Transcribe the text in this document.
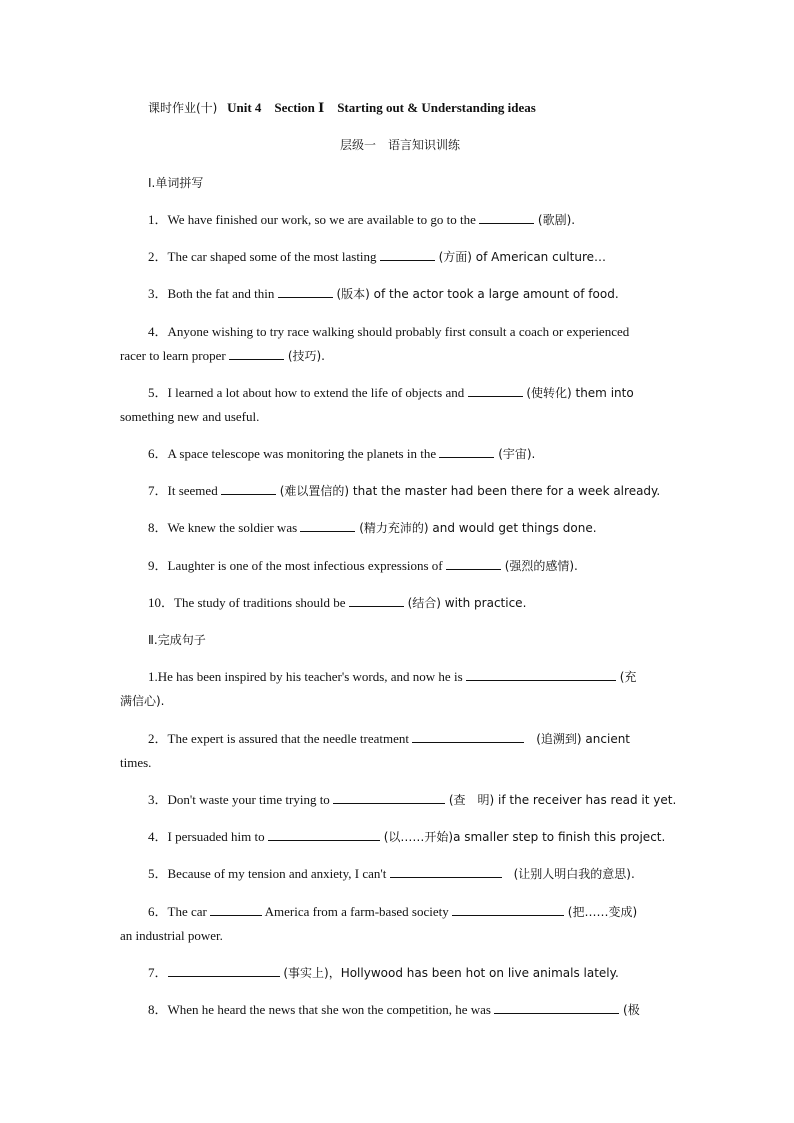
课时作业(十) Unit 4　Section Ⅰ　Starting out & Understanding ideas
层级一　语言知识训练
Ⅰ.单词拼写
1．We have finished our work, so we are available to go to the	(歌剧).
2．The car shaped some of the most lasting	(方面) of American culture…
3．Both the fat and thin	(版本) of the actor took a large amount of food.
4．Anyone wishing to try race walking should probably first consult a coach or experienced
racer to learn proper	(技巧).
5．I learned a lot about how to extend the life of objects and	(使转化) them into
something new and useful.
6．A space telescope was monitoring the planets in the	(宇宙).
7．It seemed	(难以置信的) that the master had been there for a week already.
8．We knew the soldier was	(精力充沛的) and would get things done.
9．Laughter is one of the most infectious expressions of	(强烈的感情).
10．The study of traditions should be	(结合) with practice.
Ⅱ.完成句子
1.He has been inspired by his teacher's words, and now he is	(充
满信心).
2．The expert is assured that the needle treatment	　(追溯到) ancient
times.
3．Don't waste your time trying to	(查　明) if the receiver has read it yet.
4．I persuaded him to	(以……开始)a smaller step to finish this project.
5．Because of my tension and anxiety, I can't	　(让别人明白我的意思).
6．The car	America from a farm-based society	(把……变成)
an industrial power.
7．	(事实上)，Hollywood has been hot on live animals lately.
8．When he heard the news that she won the competition, he was	(极
